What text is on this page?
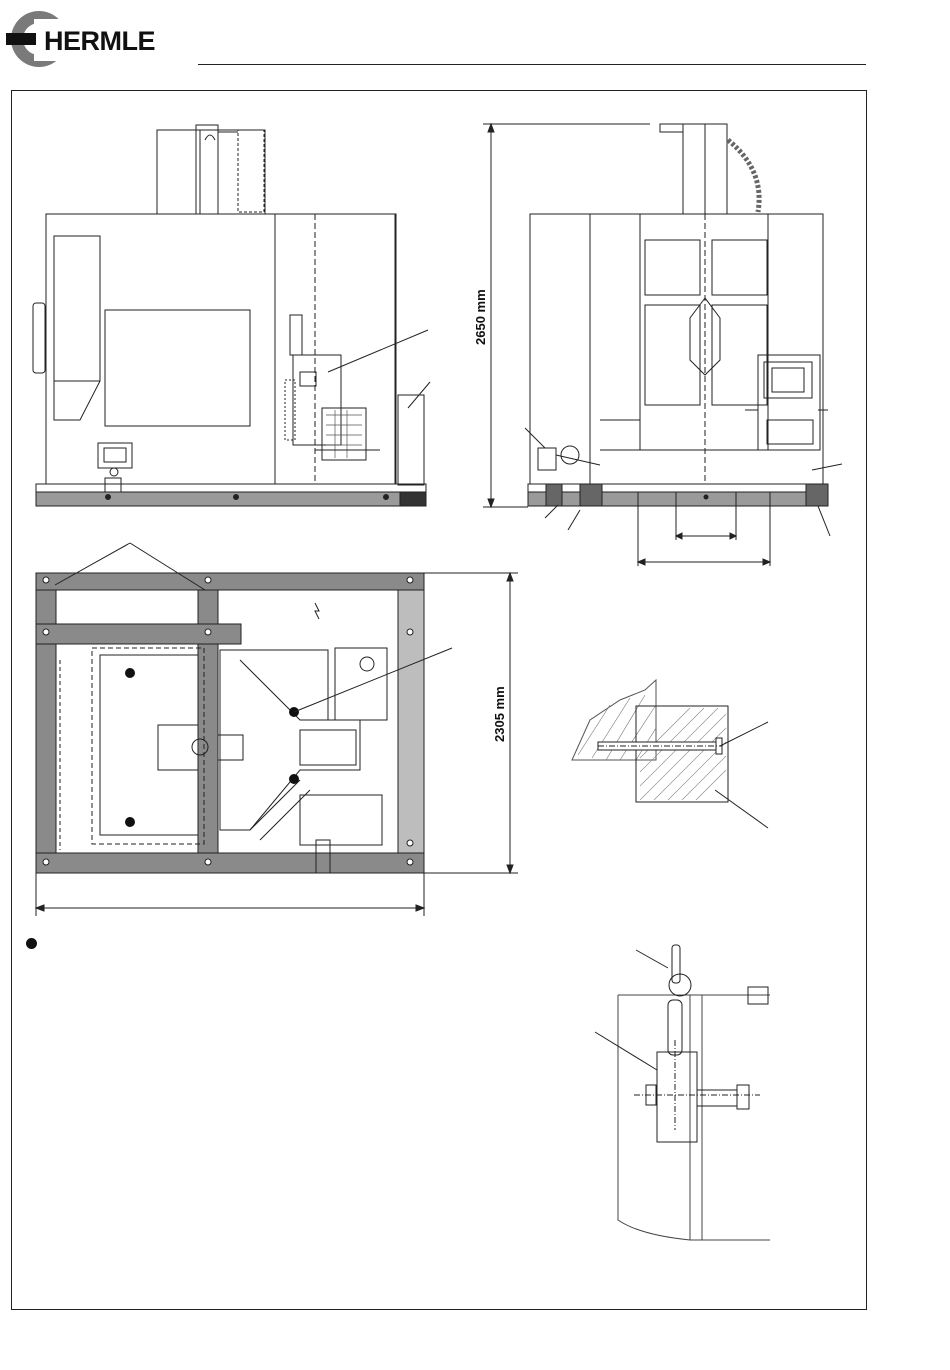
HERMLE
2650 mm
2305 mm
